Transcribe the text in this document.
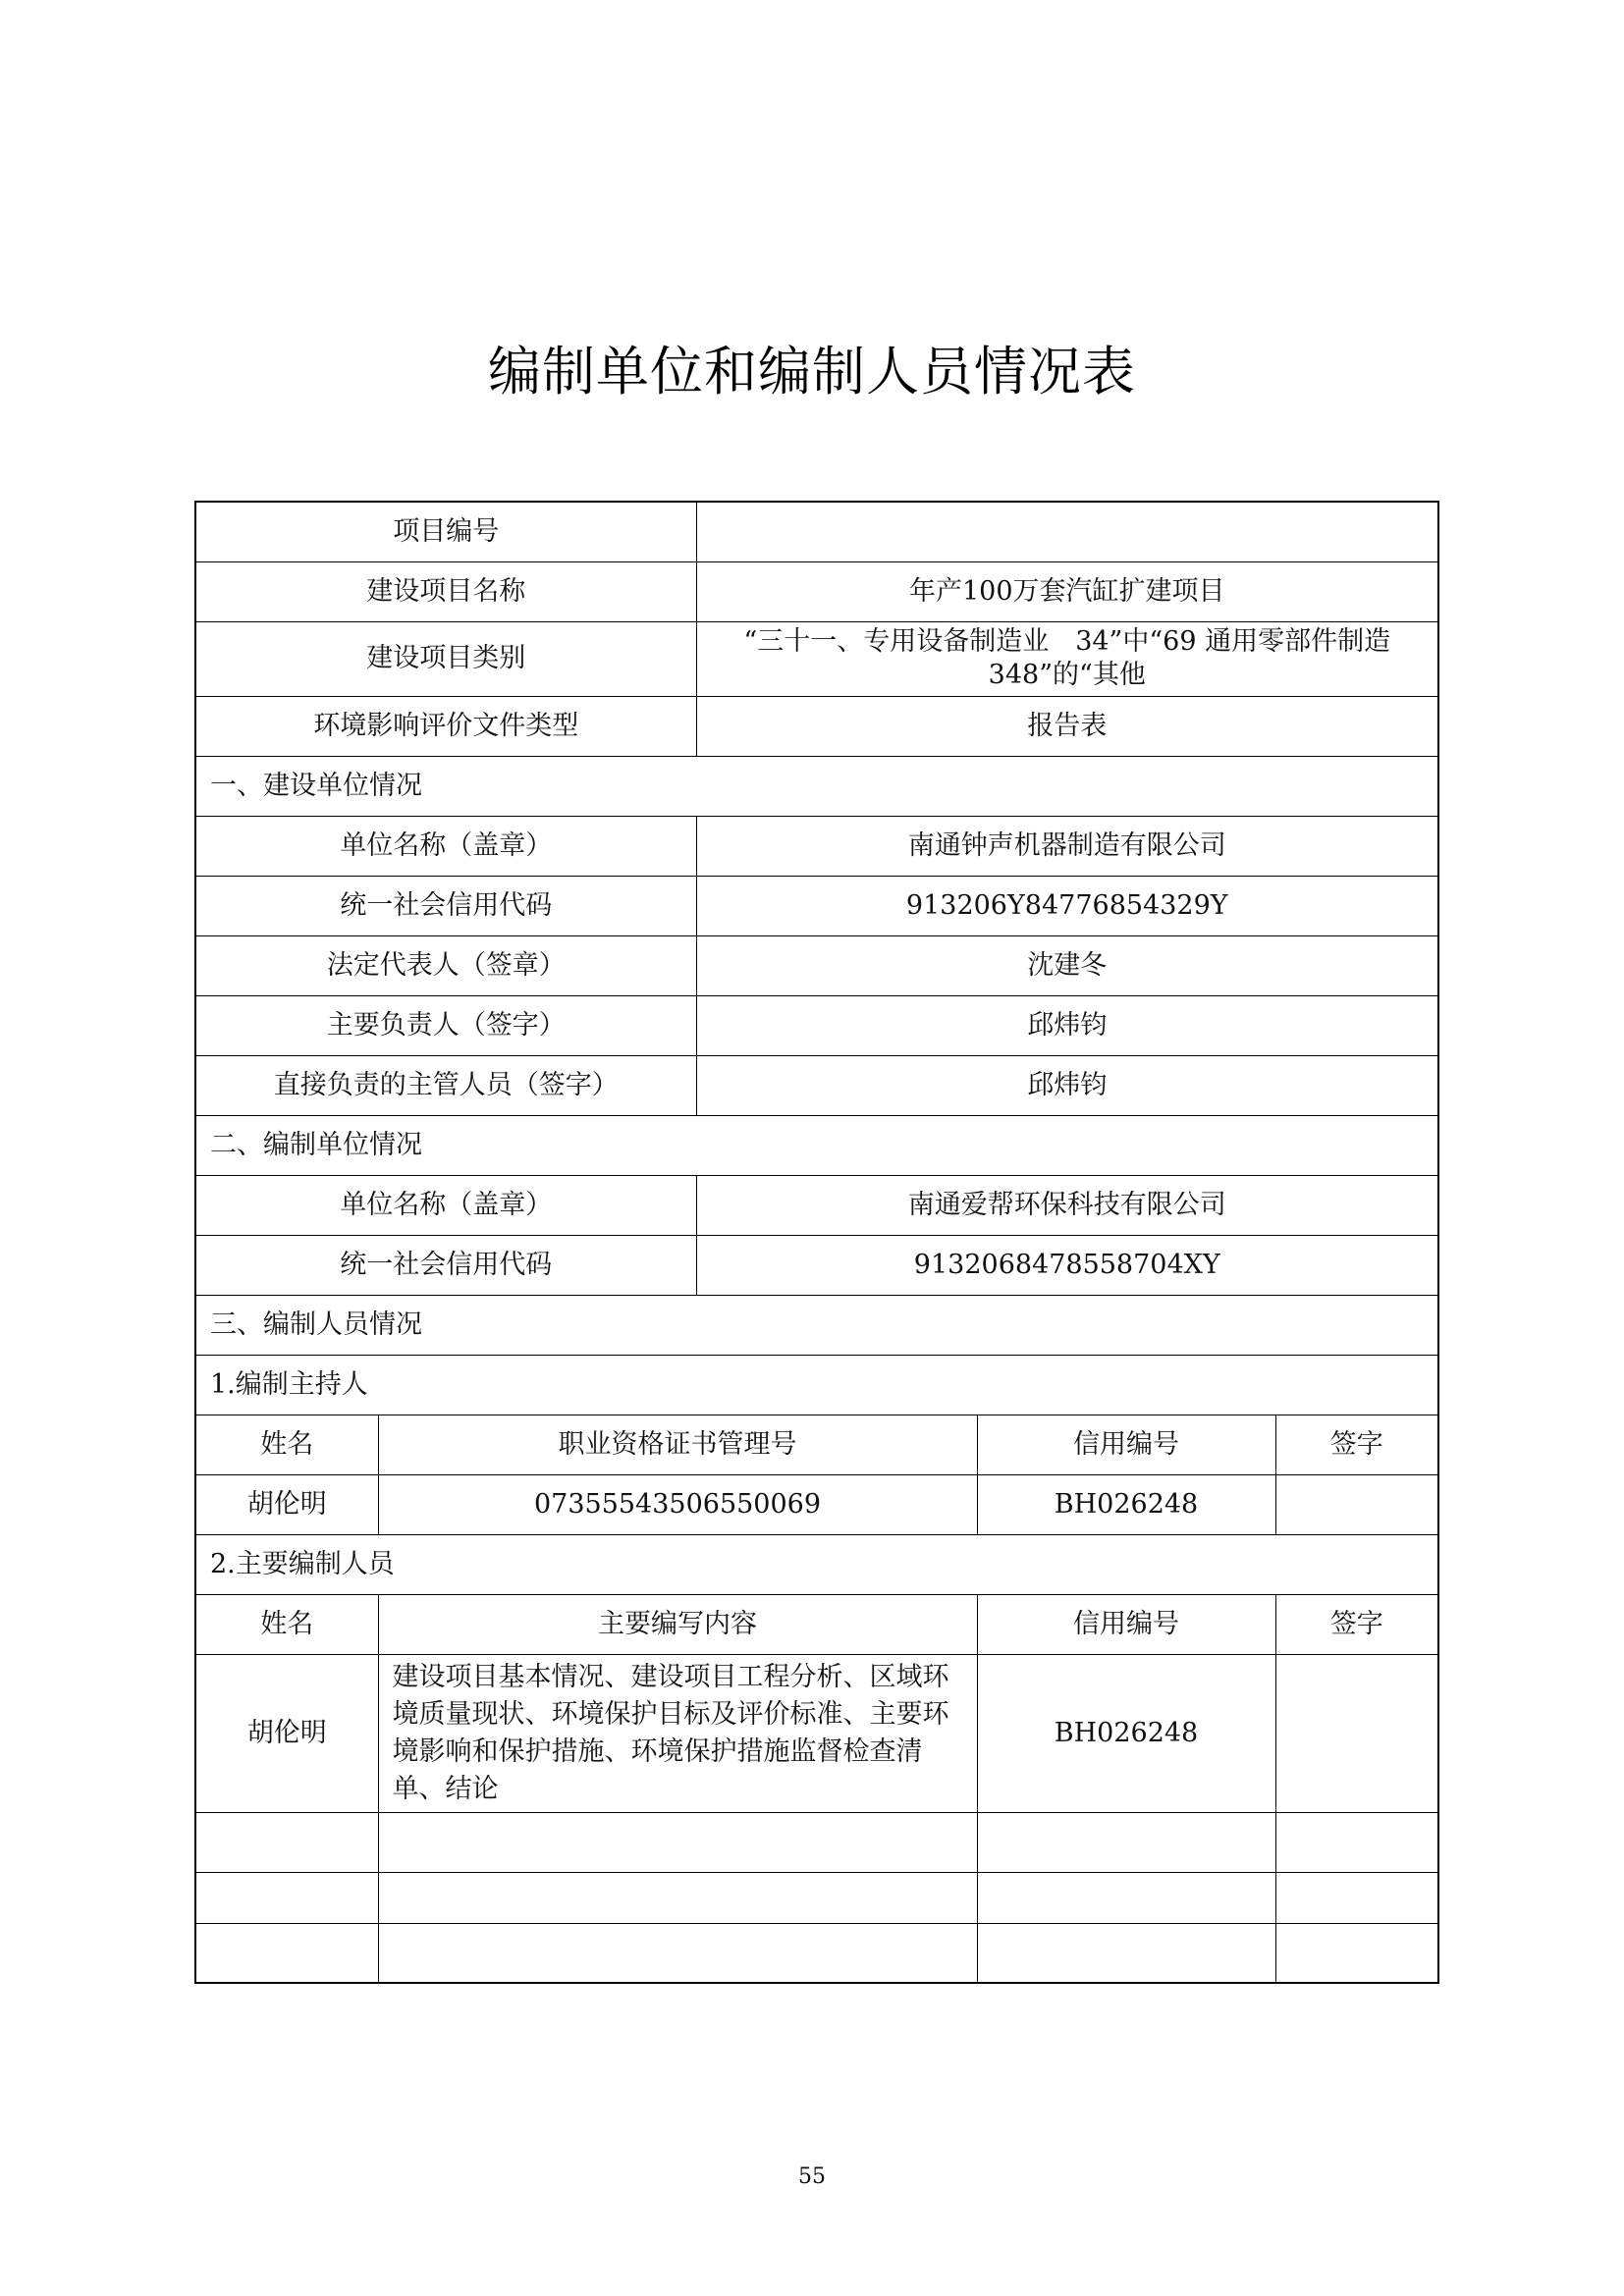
编制单位和编制人员情况表
项目编号				
建设项目名称		年产100万套汽缸扩建项目		
建设项目类别		“三十一、专用设备制造业　34”中“69 通用零部件制造348”的“其他		
环境影响评价文件类型		报告表		
一、建设单位情况				
单位名称（盖章）		南通钟声机器制造有限公司		
统一社会信用代码		913206Y84776854329Y		
法定代表人（签章）		沈建冬		
主要负责人（签字）		邱炜钧		
直接负责的主管人员（签字）		邱炜钧		
二、编制单位情况				
单位名称（盖章）		南通爱帮环保科技有限公司		
统一社会信用代码		9132068478558704XY		
三、编制人员情况				
1.编制主持人				
姓名	职业资格证书管理号		信用编号	签字
胡伦明	07355543506550069		BH026248	
2.主要编制人员				
姓名	主要编写内容		信用编号	签字
胡伦明	建设项目基本情况、建设项目工程分析、区域环境质量现状、环境保护目标及评价标准、主要环境影响和保护措施、环境保护措施监督检查清单、结论		BH026248	

55
